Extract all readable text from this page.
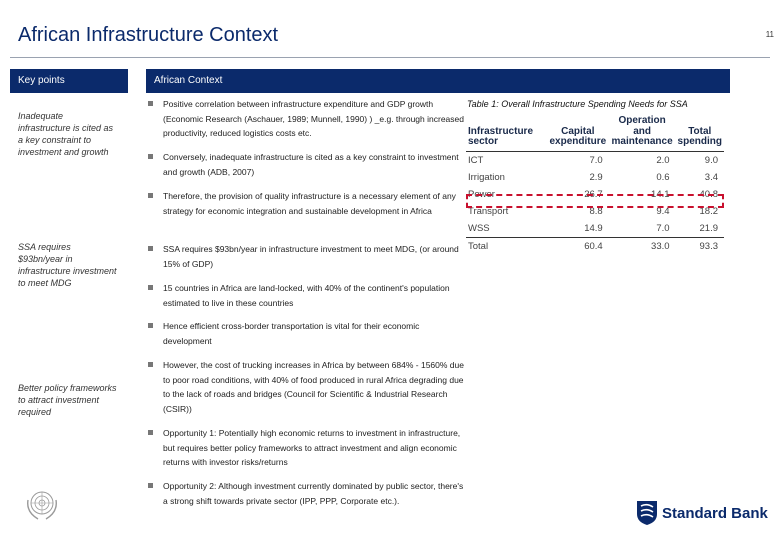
African Infrastructure Context	11
Key points	African Context
Inadequate infrastructure is cited as a key constraint to investment and growth
SSA requires $93bn/year in infrastructure investment to meet MDG
Better policy frameworks to attract investment required
Positive correlation between infrastructure expenditure and GDP growth (Economic Research (Aschauer, 1989; Munnell, 1990) ) _e.g. through increased productivity, reduced logistics costs etc.
Conversely, inadequate infrastructure is cited as a key constraint to investment and growth (ADB, 2007)
Therefore, the provision of quality infrastructure is a necessary element of any strategy for economic integration and sustainable development in Africa
SSA requires $93bn/year in infrastructure investment to meet MDG, (or around 15% of GDP)
15 countries in Africa are land-locked, with 40% of the continent's population estimated to live in these countries
Hence efficient cross-border transportation is vital for their economic development
However, the cost of trucking increases in Africa by between 684% - 1560% due to poor road conditions, with 40% of food produced in rural Africa degrading due to the lack of roads and bridges (Council for Scientific & Industrial Research (CSIR))
Opportunity 1: Potentially high economic returns to investment in infrastructure, but requires better policy frameworks to attract investment and align economic returns with investor risks/returns
Opportunity 2: Although investment currently dominated by public sector, there's a strong shift towards private sector (IPP, PPP, Corporate etc.).
Table 1: Overall Infrastructure Spending Needs for SSA
Infrastructure sector	Capital expenditure	Operation and maintenance	Total spending
ICT	7.0	2.0	9.0
Irrigation	2.9	0.6	3.4
Power	26.7	14.1	40.8
Transport	8.8	9.4	18.2
WSS	14.9	7.0	21.9
Total	60.4	33.0	93.3
Standard Bank
